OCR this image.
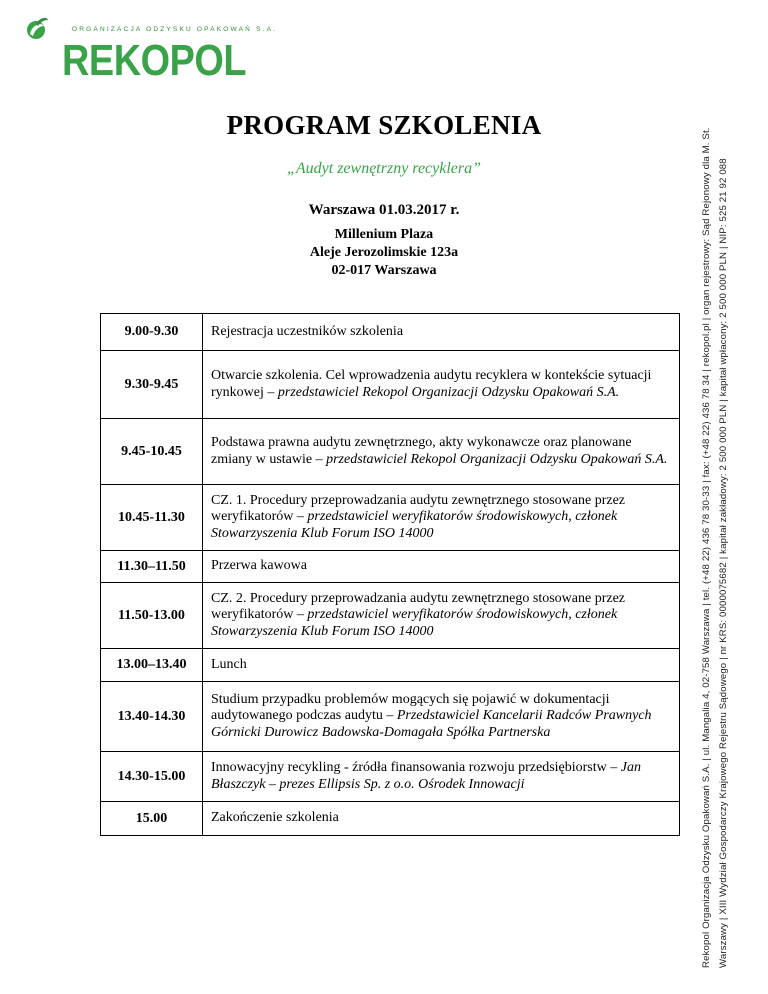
ORGANIZACJA ODZYSKU OPAKOWAŃ S.A.
REKOPOL
PROGRAM SZKOLENIA
„Audyt zewnętrzny recyklera”
Warszawa 01.03.2017 r.
Millenium Plaza
Aleje Jerozolimskie 123a
02-017 Warszawa
9.00-9.30	Rejestracja uczestników szkolenia
9.30-9.45	Otwarcie szkolenia. Cel wprowadzenia audytu recyklera w kontekście sytuacji rynkowej – przedstawiciel Rekopol Organizacji Odzysku Opakowań S.A.
9.45-10.45	Podstawa prawna audytu zewnętrznego, akty wykonawcze oraz planowane zmiany w ustawie – przedstawiciel Rekopol Organizacji Odzysku Opakowań S.A.
10.45-11.30	CZ. 1. Procedury przeprowadzania audytu zewnętrznego stosowane przez weryfikatorów – przedstawiciel weryfikatorów środowiskowych, członek Stowarzyszenia Klub Forum ISO 14000
11.30–11.50	Przerwa kawowa
11.50-13.00	CZ. 2. Procedury przeprowadzania audytu zewnętrznego stosowane przez weryfikatorów – przedstawiciel weryfikatorów środowiskowych, członek Stowarzyszenia Klub Forum ISO 14000
13.00–13.40	Lunch
13.40-14.30	Studium przypadku problemów mogących się pojawić w dokumentacji audytowanego podczas audytu – Przedstawiciel Kancelarii Radców Prawnych Górnicki Durowicz Badowska-Domagała Spółka Partnerska
14.30-15.00	Innowacyjny recykling - źródła finansowania rozwoju przedsiębiorstw – Jan Błaszczyk – prezes Ellipsis Sp. z o.o. Ośrodek Innowacji
15.00	Zakończenie szkolenia	Rekopol Organizacja Odzysku Opakowań S.A. | ul. Mangalia 4, 02-758 Warszawa | tel. (+48 22) 436 78 30-33 | fax: (+48 22) 436 78 34 | rekopol.pl | organ rejestrowy: Sąd Rejonowy dla M. St. Warszawy | XIII Wydział Gospodarczy Krajowego Rejestru Sądowego | nr KRS: 0000075682 | kapitał zakładowy: 2 500 000 PLN | kapitał wpłacony: 2 500 000 PLN | NIP: 525 21 92 088
